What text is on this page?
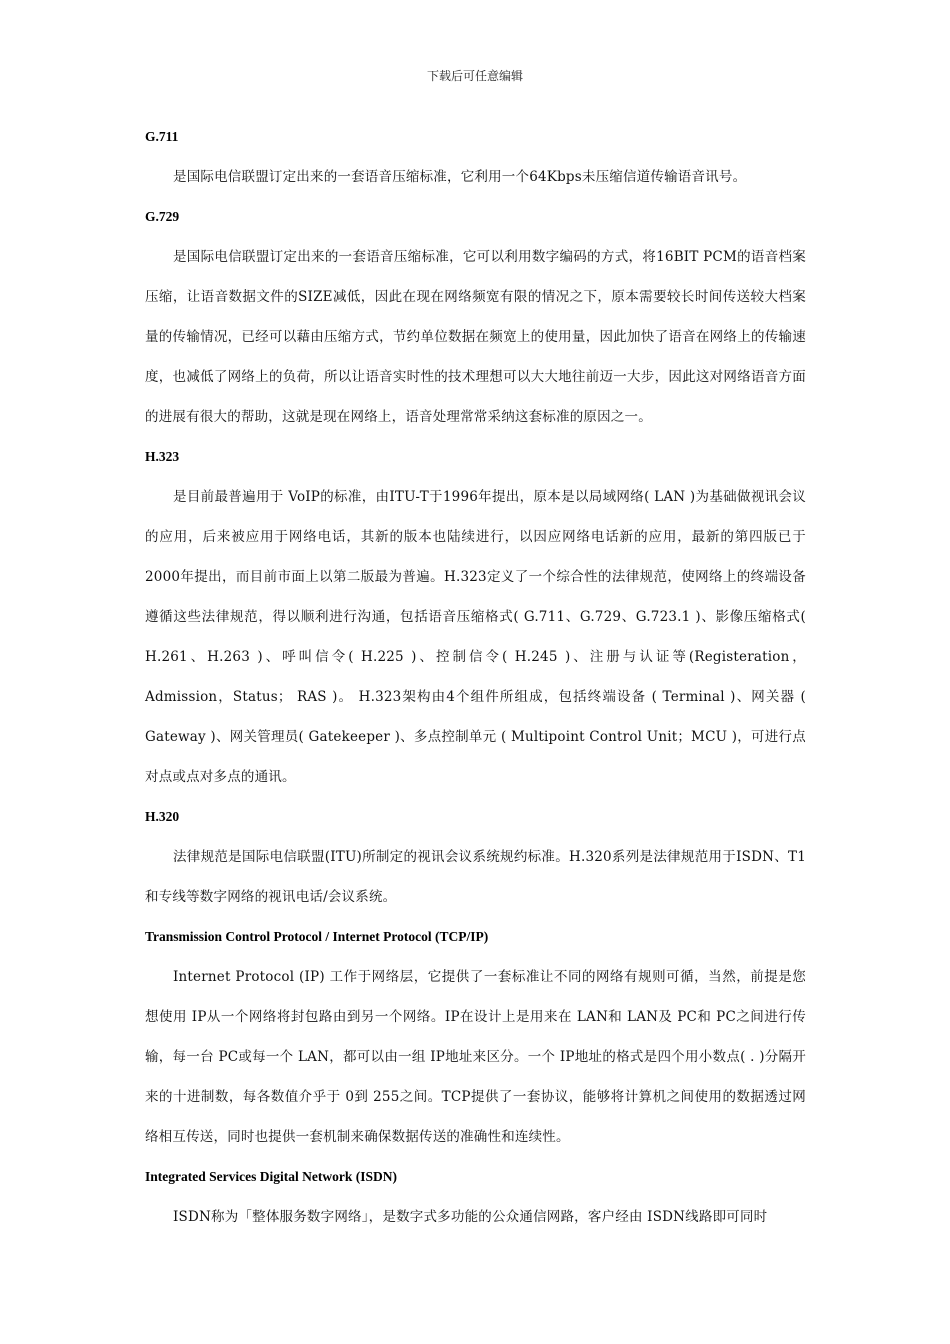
下载后可任意编辑
G.711

是国际电信联盟订定出来的一套语音压缩标准，它利用一个64Kbps未压缩信道传输语音讯号。

G.729

是国际电信联盟订定出来的一套语音压缩标准，它可以利用数字编码的方式，将16BIT PCM的语音档案压缩，让语音数据文件的SIZE减低，因此在现在网络频宽有限的情况之下，原本需要较长时间传送较大档案量的传输情况，已经可以藉由压缩方式，节约单位数据在频宽上的使用量，因此加快了语音在网络上的传输速度，也减低了网络上的负荷，所以让语音实时性的技术理想可以大大地往前迈一大步，因此这对网络语音方面的进展有很大的帮助，这就是现在网络上，语音处理常常采纳这套标准的原因之一。

H.323

是目前最普遍用于 VoIP的标准，由ITU-T于1996年提出，原本是以局域网络( LAN )为基础做视讯会议的应用，后来被应用于网络电话，其新的版本也陆续进行，以因应网络电话新的应用，最新的第四版已于2000年提出，而目前市面上以第二版最为普遍。H.323定义了一个综合性的法律规范，使网络上的终端设备遵循这些法律规范，得以顺利进行沟通，包括语音压缩格式( G.711、G.729、G.723.1 )、影像压缩格式( H.261、H.263 )、呼叫信令( H.225 )、控制信令( H.245 )、注册与认证等(Registeration， Admission，Status； RAS )。 H.323架构由4个组件所组成，包括终端设备 ( Terminal )、网关器 ( Gateway )、网关管理员( Gatekeeper )、多点控制单元 ( Multipoint Control Unit；MCU )，可进行点对点或点对多点的通讯。

H.320

法律规范是国际电信联盟(ITU)所制定的视讯会议系统规约标准。H.320系列是法律规范用于ISDN、T1和专线等数字网络的视讯电话/会议系统。

Transmission Control Protocol / Internet Protocol (TCP/IP)

Internet Protocol (IP) 工作于网络层，它提供了一套标准让不同的网络有规则可循，当然，前提是您想使用 IP从一个网络将封包路由到另一个网络。IP在设计上是用来在 LAN和 LAN及 PC和 PC之间进行传输，每一台 PC或每一个 LAN，都可以由一组 IP地址来区分。一个 IP地址的格式是四个用小数点( . )分隔开来的十进制数，每各数值介乎于 0到 255之间。TCP提供了一套协议，能够将计算机之间使用的数据透过网络相互传送，同时也提供一套机制来确保数据传送的准确性和连续性。

Integrated Services Digital Network (ISDN)

ISDN称为「整体服务数字网络」，是数字式多功能的公众通信网路，客户经由 ISDN线路即可同时
